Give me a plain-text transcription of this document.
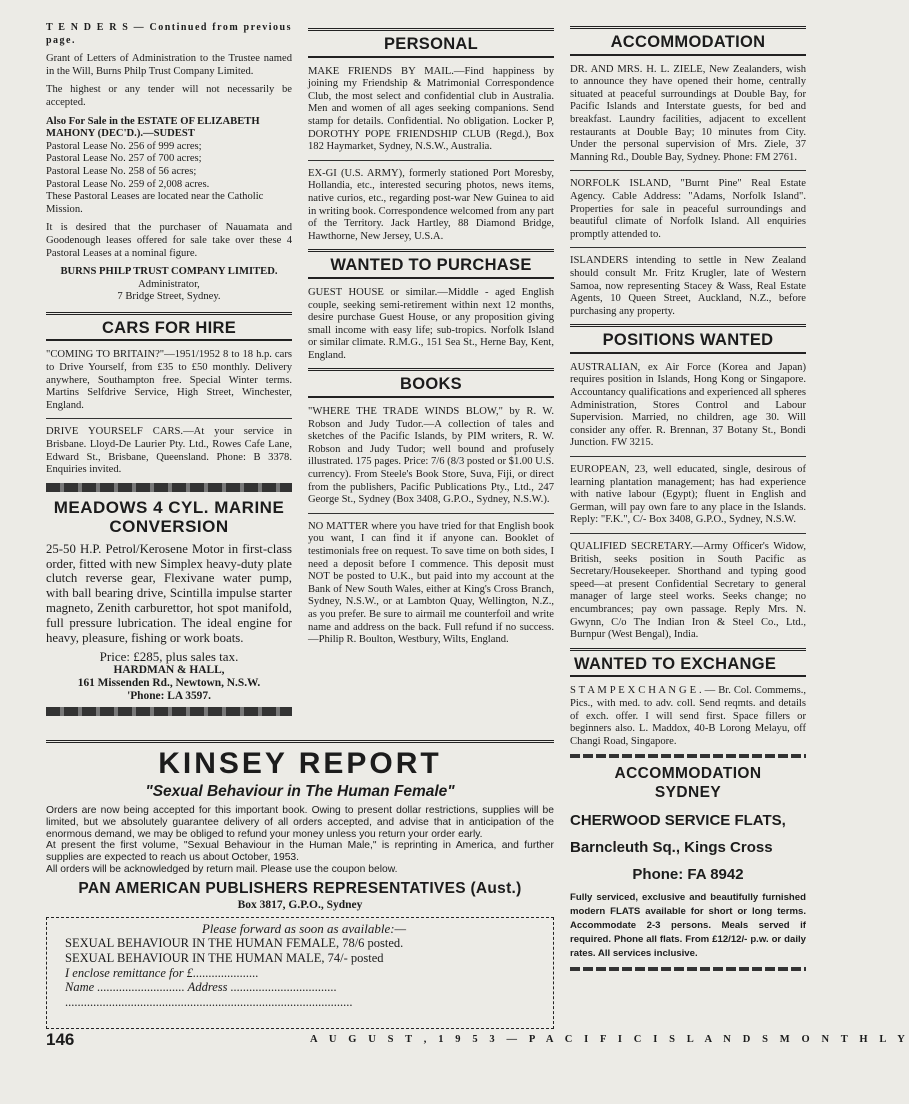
T E N D E R S — Continued from previous page.

Grant of Letters of Administration to the Trustee named in the Will, Burns Philp Trust Company Limited.

The highest or any tender will not necessarily be accepted.

Also For Sale in the ESTATE OF ELIZABETH MAHONY (DEC'D.).—SUDEST
Pastoral Lease No. 256 of 999 acres;
Pastoral Lease No. 257 of 700 acres;
Pastoral Lease No. 258 of 56 acres;
Pastoral Lease No. 259 of 2,008 acres.
These Pastoral Leases are located near the Catholic Mission.

It is desired that the purchaser of Nauamata and Goodenough leases offered for sale take over these 4 Pastoral Leases at a nominal figure.

BURNS PHILP TRUST COMPANY LIMITED.
Administrator,
7 Bridge Street, Sydney.
CARS FOR HIRE

"COMING TO BRITAIN?"—1951/1952 8 to 18 h.p. cars to Drive Yourself, from £35 to £50 monthly. Delivery anywhere, Southampton free. Special Winter terms. Martins Selfdrive Service, High Street, Winchester, England.

DRIVE YOURSELF CARS.—At your service in Brisbane. Lloyd-De Laurier Pty. Ltd., Rowes Cafe Lane, Edward St., Brisbane, Queensland. Phone: B 3378. Enquiries invited.

MEADOWS 4 CYL. MARINE CONVERSION

25-50 H.P. Petrol/Kerosene Motor in first-class order, fitted with new Simplex heavy-duty plate clutch reverse gear, Flexivane water pump, with ball bearing drive, Scintilla impulse starter magneto, Zenith carburettor, hot spot manifold, full pressure lubrication. The ideal engine for heavy, pleasure, fishing or work boats.

Price: £285, plus sales tax.
HARDMAN & HALL,
161 Missenden Rd., Newtown, N.S.W.
'Phone: LA 3597.
PERSONAL

MAKE FRIENDS BY MAIL.—Find happiness by joining my Friendship & Matrimonial Correspondence Club, the most select and confidential club in Australia. Men and women of all ages seeking companions. Send stamp for details. Confidential. No obligation. Locker P, DOROTHY POPE FRIENDSHIP CLUB (Regd.), Box 182 Haymarket, Sydney, N.S.W., Australia.

EX-GI (U.S. ARMY), formerly stationed Port Moresby, Hollandia, etc., interested securing photos, news items, native curios, etc., regarding post-war New Guinea to aid in writing book. Correspondence welcomed from any part of the Territory. Jack Hartley, 88 Diamond Bridge, Hawthorne, New Jersey, U.S.A.

WANTED TO PURCHASE

GUEST HOUSE or similar.—Middle - aged English couple, seeking semi-retirement within next 12 months, desire purchase Guest House, or any proposition giving small income with easy life; sub-tropics. Norfolk Island or similar climate. R.M.G., 151 Sea St., Herne Bay, Kent, England.

BOOKS

"WHERE THE TRADE WINDS BLOW," by R. W. Robson and Judy Tudor.—A collection of tales and sketches of the Pacific Islands, by PIM writers, R. W. Robson and Judy Tudor; well bound and profusely illustrated. 175 pages. Price: 7/6 (8/3 posted or $1.00 U.S. currency). From Steele's Book Store, Suva, Fiji, or direct from the publishers, Pacific Publications Pty., Ltd., 247 George St., Sydney (Box 3408, G.P.O., Sydney, N.S.W.).

NO MATTER where you have tried for that English book you want, I can find it if anyone can. Booklet of testimonials free on request. To save time on both sides, I need a deposit before I commence. This deposit must NOT be posted to U.K., but paid into my account at the Bank of New South Wales, either at King's Cross Branch, Sydney, N.S.W., or at Lambton Quay, Wellington, N.Z., as you prefer. Be sure to airmail me counterfoil and write name and address on the back. Full refund if no success.—Philip R. Boulton, Westbury, Wilts, England.

ACCOMMODATION

DR. AND MRS. H. L. ZIELE, New Zealanders, wish to announce they have opened their home, centrally situated at peaceful surroundings at Double Bay, for Pacific Islands and Interstate guests, for bed and breakfast. Laundry facilities, adjacent to excellent restaurants at Double Bay; 10 minutes from City. Under the personal supervision of Mrs. Ziele, 37 Manning Rd., Double Bay, Sydney. Phone: FM 2761.

NORFOLK ISLAND, "Burnt Pine" Real Estate Agency. Cable Address: "Adams, Norfolk Island". Properties for sale in peaceful surroundings and beautiful climate of Norfolk Island. All enquiries promptly attended to.

ISLANDERS intending to settle in New Zealand should consult Mr. Fritz Krugler, late of Western Samoa, now representing Stacey & Wass, Real Estate Agents, 10 Queen Street, Auckland, N.Z., before purchasing any property.

POSITIONS WANTED

AUSTRALIAN, ex Air Force (Korea and Japan) requires position in Islands, Hong Kong or Singapore. Accountancy qualifications and experienced all spheres Administration, Stores Control and Labour Supervision. Married, no children, age 30. Will consider any offer. R. Brennan, 37 Botany St., Bondi Junction. FW 3215.

EUROPEAN, 23, well educated, single, desirous of learning plantation management; has had experience with native labour (Egypt); fluent in English and German, will pay own fare to any place in the Islands. Reply: "F.K.", C/- Box 3408, G.P.O., Sydney, N.S.W.

QUALIFIED SECRETARY.—Army Officer's Widow, British, seeks position in South Pacific as Secretary/Housekeeper. Shorthand and typing good speed—at present Confidential Secretary to general manager of large steel works. Seeks change; no encumbrances; pay own passage. Reply Mrs. N. Gwynn, C/o The Indian Iron & Steel Co., Ltd., Burnpur (West Bengal), India.

WANTED TO EXCHANGE

S T A M P E X C H A N G E . — Br. Col. Commems., Pics., with med. to adv. coll. Send reqmts. and details of exch. offer. I will send first. Space fillers or beginners also. L. Maddox, 40-B Lorong Melayu, off Changi Road, Singapore.

ACCOMMODATION
SYDNEY
CHERWOOD SERVICE FLATS,
Barncleuth Sq., Kings Cross
Phone: FA 8942

Fully serviced, exclusive and beautifully furnished modern FLATS available for short or long terms. Accommodate 2-3 persons. Meals served if required. Phone all flats. From £12/12/- p.w. or daily rates. All services inclusive.

KINSEY REPORT
"Sexual Behaviour in The Human Female"

Orders are now being accepted for this important book. Owing to present dollar restrictions, supplies will be limited, but we absolutely guarantee delivery of all orders accepted, and advise that in anticipation of the enormous demand, we may be obliged to refund your money unless you return your order early.

At present the first volume, "Sexual Behaviour in the Human Male," is reprinting in America, and further supplies are expected to reach us about October, 1953.

All orders will be acknowledged by return mail. Please use the coupon below.

PAN AMERICAN PUBLISHERS REPRESENTATIVES (Aust.)
Box 3817, G.P.O., Sydney
Please forward as soon as available:—
SEXUAL BEHAVIOUR IN THE HUMAN FEMALE, 78/6 posted.
SEXUAL BEHAVIOUR IN THE HUMAN MALE, 74/- posted
I enclose remittance for £.....................
Name ............................ Address ..................................
............................................................................................
146	A U G U S T , 1 9 5 3 — P A C I F I C I S L A N D S M O N T H L Y
